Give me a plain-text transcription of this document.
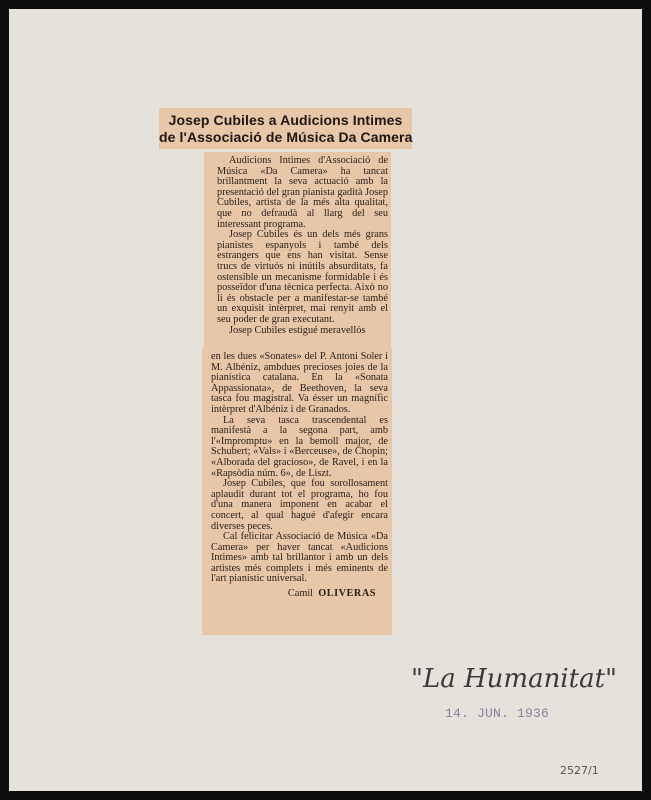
Josep Cubiles a Audicions Intimes
de l'Associació de Música Da Camera

Audicions Intimes d'Associació de Música «Da Camera» ha tancat brillantment la seva actuació amb la presentació del gran pianista gadità Josep Cubiles, artista de la més alta qualitat, que no defraudà al llarg del seu interessant programa.

Josep Cubiles és un dels més grans pianistes espanyols i també dels estrangers que ens han visitat. Sense trucs de virtuós ni inútils absurditats, fa ostensible un mecanisme formidable i és posseïdor d'una tècnica perfecta. Això no li és obstacle per a manifestar-se també un exquisit intèrpret, mai renyit amb el seu poder de gran executant.

Josep Cubiles estigué meravellós

en les dues «Sonates» del P. Antoni Soler i M. Albéniz, ambdues precioses joies de la pianística catalana. En la «Sonata Appassionata», de Beethoven, la seva tasca fou magistral. Va ésser un magnífic intèrpret d'Albéniz i de Granados.

La seva tasca trascendental es manifestà a la segona part, amb l'«Impromptu» en la bemoll major, de Schubert; «Vals» i «Berceuse», de Chopin; «Alborada del gracioso», de Ravel, i en la «Rapsòdia núm. 6», de Liszt.

Josep Cubiles, que fou sorollosament aplaudit durant tot el programa, ho fou d'una manera imponent en acabar el concert, al qual hagué d'afegir encara diverses peces.

Cal felicitar Associació de Música «Da Camera» per haver tancat «Audicions Intimes» amb tal brillantor i amb un dels artistes més complets i més eminents de l'art pianístic universal.

Camil OLIVERAS
"La Humanitat"
14. JUN. 1936
2527/1
